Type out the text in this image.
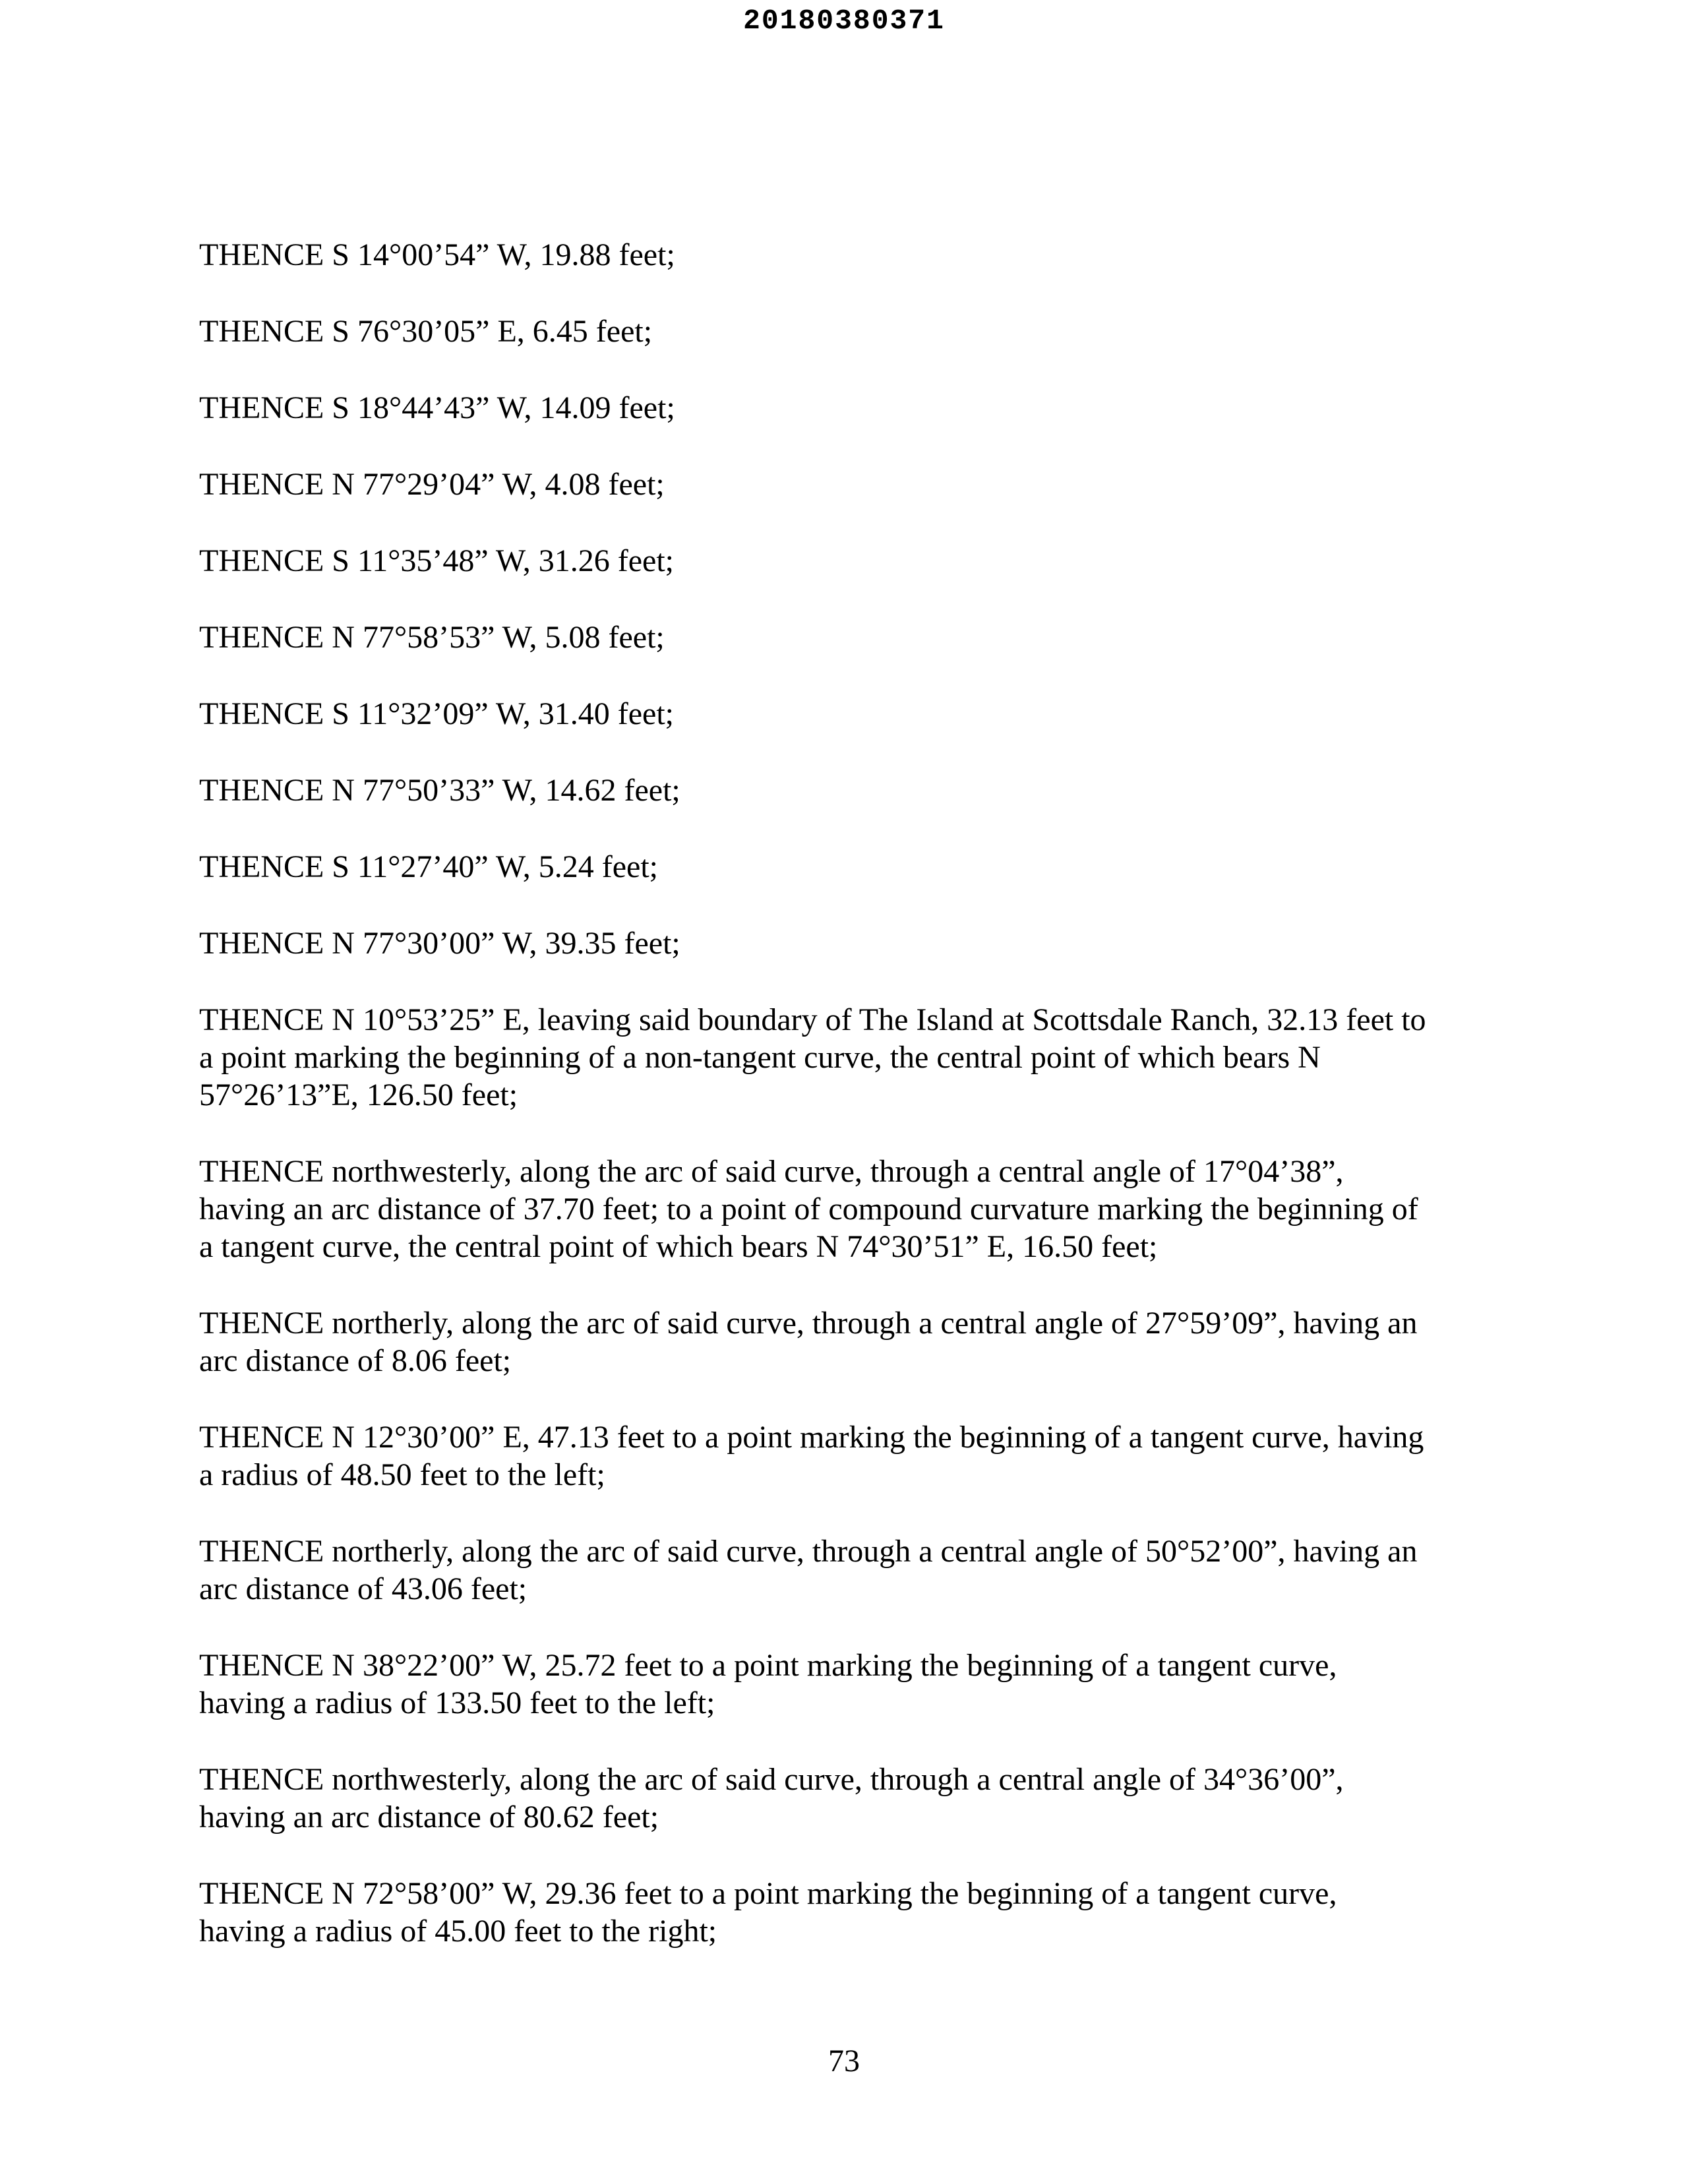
20180380371

THENCE S 14°00’54” W, 19.88 feet;

THENCE S 76°30’05” E, 6.45 feet;

THENCE S 18°44’43” W, 14.09 feet;

THENCE N 77°29’04” W, 4.08 feet;

THENCE S 11°35’48” W, 31.26 feet;

THENCE N 77°58’53” W, 5.08 feet;

THENCE S 11°32’09” W, 31.40 feet;

THENCE N 77°50’33” W, 14.62 feet;

THENCE S 11°27’40” W, 5.24 feet;

THENCE N 77°30’00” W, 39.35 feet;

THENCE N 10°53’25” E, leaving said boundary of The Island at Scottsdale Ranch, 32.13 feet to
a point marking the beginning of a non-tangent curve, the central point of which bears N
57°26’13”E, 126.50 feet;

THENCE northwesterly, along the arc of said curve, through a central angle of 17°04’38”,
having an arc distance of 37.70 feet; to a point of compound curvature marking the beginning of
a tangent curve, the central point of which bears N 74°30’51” E, 16.50 feet;

THENCE northerly, along the arc of said curve, through a central angle of 27°59’09”, having an
arc distance of 8.06 feet;

THENCE N 12°30’00” E, 47.13 feet to a point marking the beginning of a tangent curve, having
a radius of 48.50 feet to the left;

THENCE northerly, along the arc of said curve, through a central angle of 50°52’00”, having an
arc distance of 43.06 feet;

THENCE N 38°22’00” W, 25.72 feet to a point marking the beginning of a tangent curve,
having a radius of 133.50 feet to the left;

THENCE northwesterly, along the arc of said curve, through a central angle of 34°36’00”,
having an arc distance of 80.62 feet;

THENCE N 72°58’00” W, 29.36 feet to a point marking the beginning of a tangent curve,
having a radius of 45.00 feet to the right;

73
